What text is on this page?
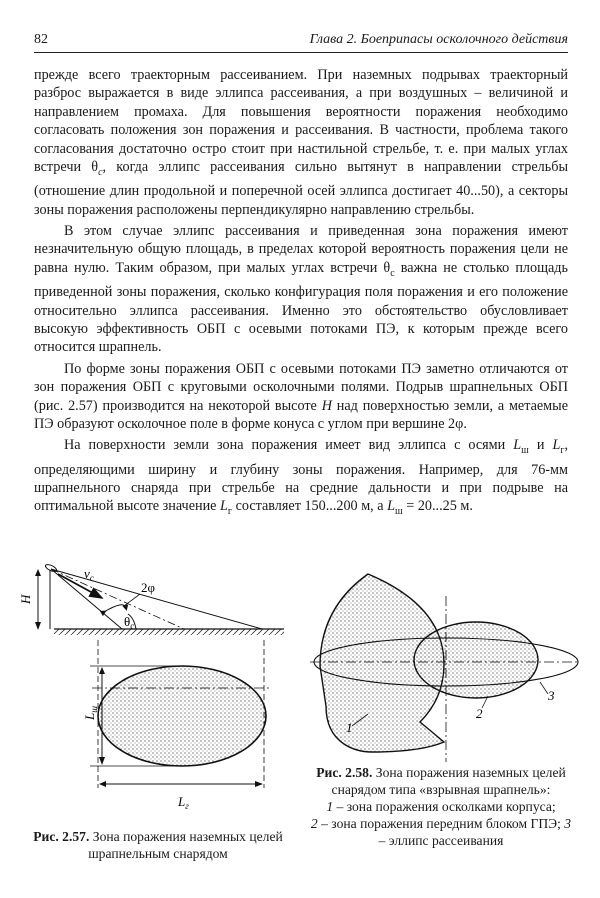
82	Глава 2. Боеприпасы осколочного действия

прежде всего траекторным рассеиванием. При наземных подрывах траекторный разброс выражается в виде эллипса рассеивания, а при воздушных – величиной и направлением промаха. Для повышения вероятности поражения необходимо согласовать положения зон поражения и рассеивания. В частности, проблема такого согласования достаточно остро стоит при настильной стрельбе, т. е. при малых углах встречи $\theta_c$, когда эллипс рассеивания сильно вытянут в направлении стрельбы (отношение длин продольной и поперечной осей эллипса достигает 40...50), а секторы зоны поражения расположены перпендикулярно направлению стрельбы.

В этом случае эллипс рассеивания и приведенная зона поражения имеют незначительную общую площадь, в пределах которой вероятность поражения цели не равна нулю. Таким образом, при малых углах встречи $\theta_c$ важна не столько площадь приведенной зоны поражения, сколько конфигурация поля поражения и его положение относительно эллипса рассеивания. Именно это обстоятельство обусловливает высокую эффективность ОБП с осевыми потоками ПЭ, к которым прежде всего относится шрапнель.

По форме зоны поражения ОБП с осевыми потоками ПЭ заметно отличаются от зон поражения ОБП с круговыми осколочными полями. Подрыв шрапнельных ОБП (рис. 2.57) производится на некоторой высоте H над поверхностью земли, а метаемые ПЭ образуют осколочное поле в форме конуса с углом при вершине 2φ.

На поверхности земли зона поражения имеет вид эллипса с осями $L_ш$ и $L_г$, определяющими ширину и глубину зоны поражения. Например, для 76-мм шрапнельного снаряда при стрельбе на средние дальности и при подрыве на оптимальной высоте значение $L_г$ составляет 150...200 м, а $L_ш = 20...25$ м.

H
$v_c$
2φ
$\theta_c$
$L_ш$
$L_г$
1
2
3
Рис. 2.57. Зона поражения наземных целей шрапнельным снарядом
Рис. 2.58. Зона поражения наземных целей снарядом типа «взрывная шрапнель»:
1 – зона поражения осколками корпуса;
2 – зона поражения передним блоком ГПЭ; 3 – эллипс рассеивания
